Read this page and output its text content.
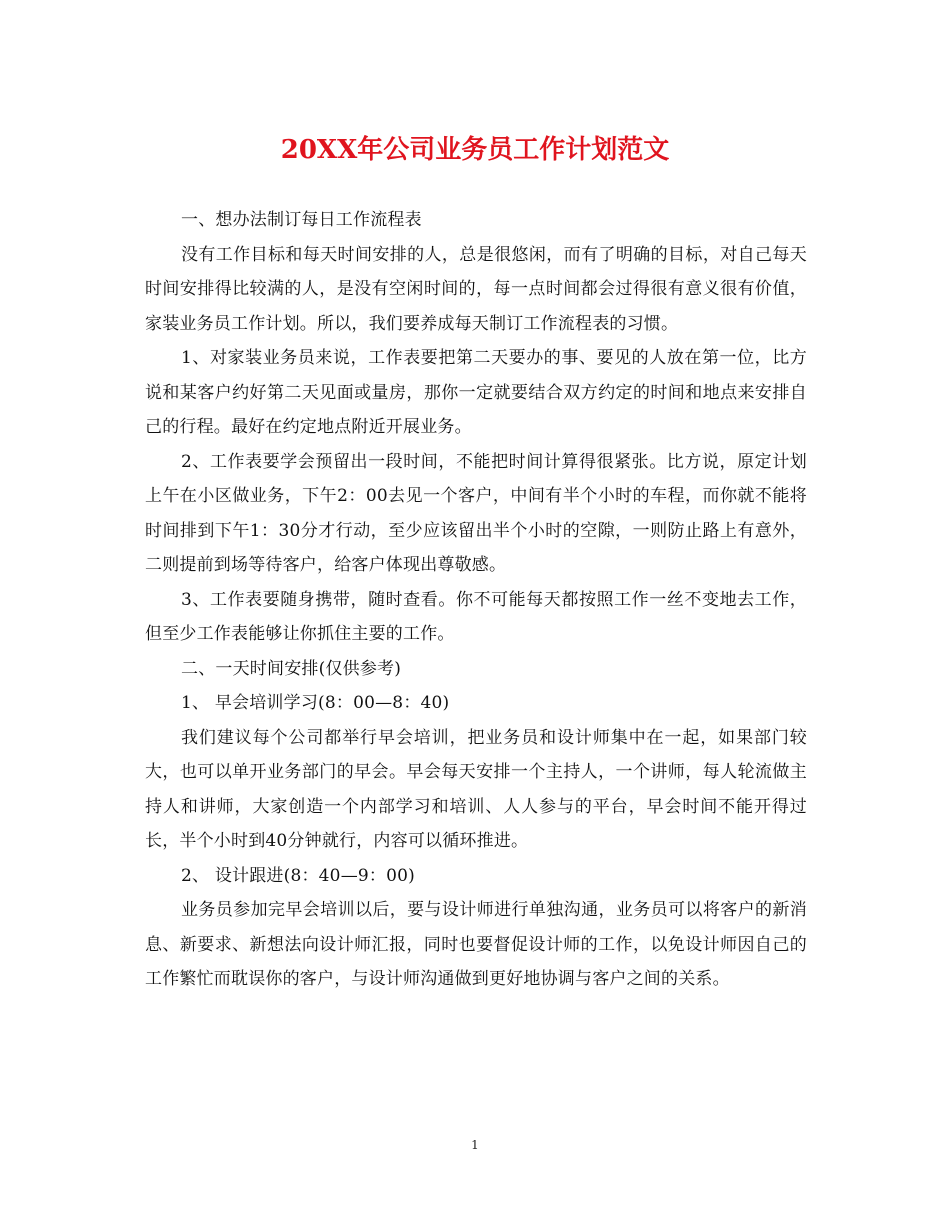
20XX年公司业务员工作计划范文

一、想办法制订每日工作流程表

没有工作目标和每天时间安排的人，总是很悠闲，而有了明确的目标，对自己每天时间安排得比较满的人，是没有空闲时间的，每一点时间都会过得很有意义很有价值，家装业务员工作计划。所以，我们要养成每天制订工作流程表的习惯。

1、对家装业务员来说，工作表要把第二天要办的事、要见的人放在第一位，比方说和某客户约好第二天见面或量房，那你一定就要结合双方约定的时间和地点来安排自己的行程。最好在约定地点附近开展业务。

2、工作表要学会预留出一段时间，不能把时间计算得很紧张。比方说，原定计划上午在小区做业务，下午2：00去见一个客户，中间有半个小时的车程，而你就不能将时间排到下午1：30分才行动，至少应该留出半个小时的空隙，一则防止路上有意外，二则提前到场等待客户，给客户体现出尊敬感。

3、工作表要随身携带，随时查看。你不可能每天都按照工作一丝不变地去工作，但至少工作表能够让你抓住主要的工作。

二、一天时间安排(仅供参考)

1、 早会培训学习(8：00—8：40)

我们建议每个公司都举行早会培训，把业务员和设计师集中在一起，如果部门较大，也可以单开业务部门的早会。早会每天安排一个主持人，一个讲师，每人轮流做主持人和讲师，大家创造一个内部学习和培训、人人参与的平台，早会时间不能开得过长，半个小时到40分钟就行，内容可以循环推进。

2、 设计跟进(8：40—9：00)

业务员参加完早会培训以后，要与设计师进行单独沟通，业务员可以将客户的新消息、新要求、新想法向设计师汇报，同时也要督促设计师的工作，以免设计师因自己的工作繁忙而耽误你的客户，与设计师沟通做到更好地协调与客户之间的关系。

1
